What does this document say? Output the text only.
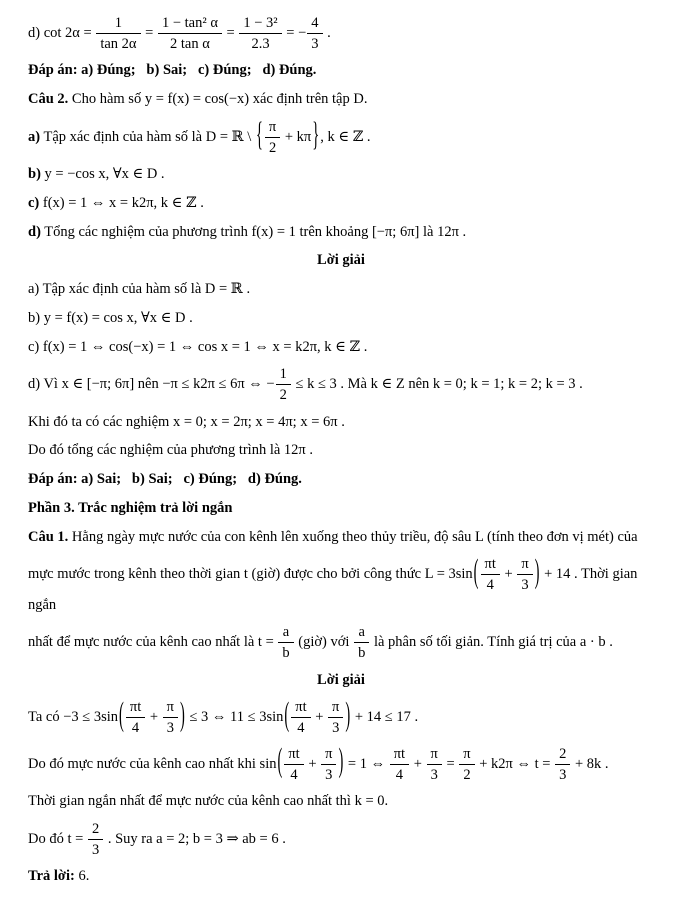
d) $\cot 2\alpha = \frac{1}{\tan 2\alpha} = \frac{\text{1 − tan² α}}{\text{2 tan α}} = \frac{\text{1 − 3²}}{2.3}$ = − $\frac{4}{3}$ .
Đáp án: a) Đúng;   b) Sai;   c) Đúng;   d) Đúng.
Câu 2. Cho hàm số y = f(x) = cos(−x) xác định trên tập D.
a) Tập xác định của hàm số là D = ℝ \ { $\frac{\pi}{2} + k\pi$}, k ∈ ℤ .
b) y = −cos x, ∀x ∈ D .
c) f(x) = 1 ⇔ x = k2π, k ∈ ℤ .
d) Tổng các nghiệm của phương trình f(x) = 1 trên khoảng [−π; 6π] là 12π .
Lời giải
a) Tập xác định của hàm số là D = ℝ .
b) y = f(x) = cos x, ∀x ∈ D .
c) f(x) = 1 ⇔ cos(−x) = 1 ⇔ cos x = 1 ⇔ x = k2π, k ∈ ℤ .
d) Vì x ∈ [−π; 6π] nên −π ≤ k2π ≤ 6π ⇔ − $\frac{1}{2} \le k \le 3$ . Mà k ∈ Z nên k = 0; k = 1; k = 2; k = 3 .
Khi đó ta có các nghiệm x = 0; x = 2π; x = 4π; x = 6π .
Do đó tổng các nghiệm của phương trình là 12π .
Đáp án: a) Sai;   b) Sai;   c) Đúng;   d) Đúng.
Phần 3. Trắc nghiệm trả lời ngắn
Câu 1. Hằng ngày mực nước của con kênh lên xuống theo thủy triều, độ sâu L (tính theo đơn vị mét) của
mực mước trong kênh theo thời gian t (giờ) được cho bởi công thức $L = 3\sin( \frac{\pi t}{4} + \frac{\pi}{3}$ ) + 14 . Thời gian ngắn
nhất để mực nước của kênh cao nhất là $t = \frac{a}{b}$ (giờ) với $\frac{a}{b}$ là phân số tối giản. Tính giá trị của a · b .
Lời giải
Ta có $-3 \le 3\sin( \frac{\pi t}{4} + \frac{\pi}{3}$ ) ≤ 3 ⇔ $11 \le 3\sin( \frac{\pi t}{4} + \frac{\pi}{3}$ ) + 14 ≤ 17 .
Do đó mực nước của kênh cao nhất khi $\sin( \frac{\pi t}{4} + \frac{\pi}{3}$ ) = 1 ⇔ $\frac{\pi t}{4} + \frac{\pi}{3} = \frac{\pi}{2} + k2\pi$ ⇔ $t = \frac{2}{3} + 8k$ .
Thời gian ngắn nhất để mực nước của kênh cao nhất thì k = 0.
Do đó $t = \frac{2}{3}$ . Suy ra a = 2; b = 3 ⇒ ab = 6 .
Trả lời: 6.
